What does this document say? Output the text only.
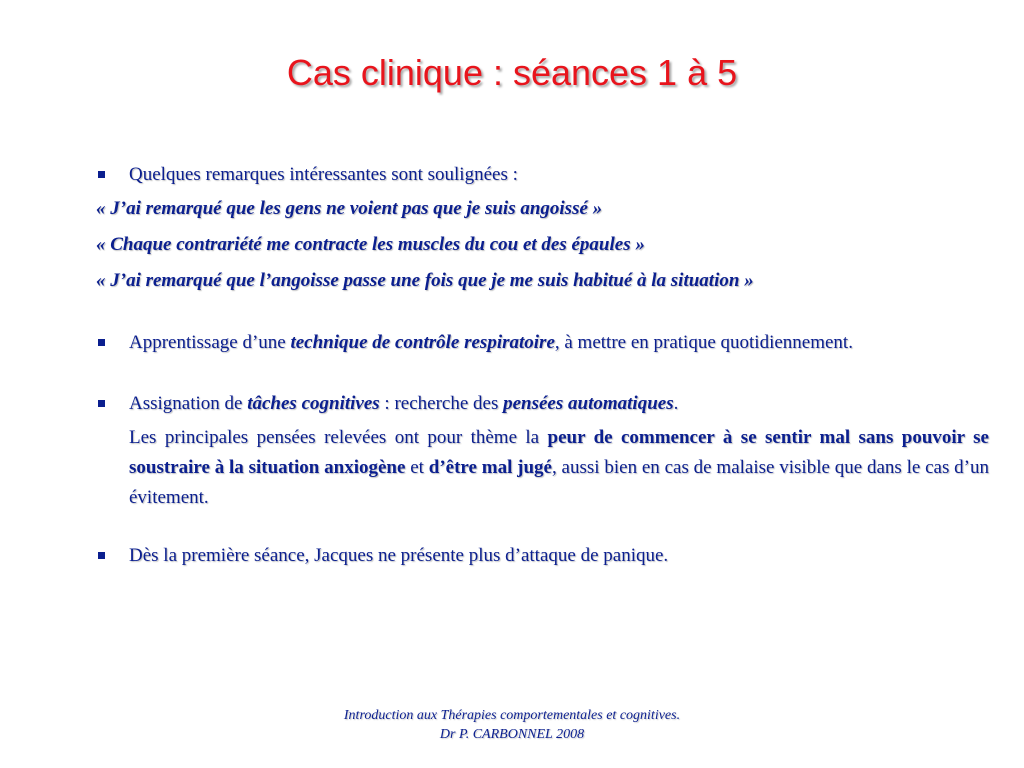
Cas clinique : séances 1 à 5
Quelques remarques intéressantes sont soulignées :
« J’ai remarqué que les gens ne voient pas que je suis angoissé »
« Chaque contrariété me contracte les muscles du cou et des épaules »
« J’ai remarqué que l’angoisse passe une fois que je me suis habitué à la situation »
Apprentissage d’une technique de contrôle respiratoire, à mettre en pratique quotidiennement.
Assignation de tâches cognitives : recherche des pensées automatiques.
Les principales pensées relevées ont pour thème la peur de commencer à se sentir mal sans pouvoir se soustraire à la situation anxiogène et d’être mal jugé, aussi bien en cas de malaise visible que dans le cas d’un évitement.
Dès la première séance, Jacques ne présente plus d’attaque de panique.
Introduction aux Thérapies comportementales et cognitives.
Dr P. CARBONNEL 2008
